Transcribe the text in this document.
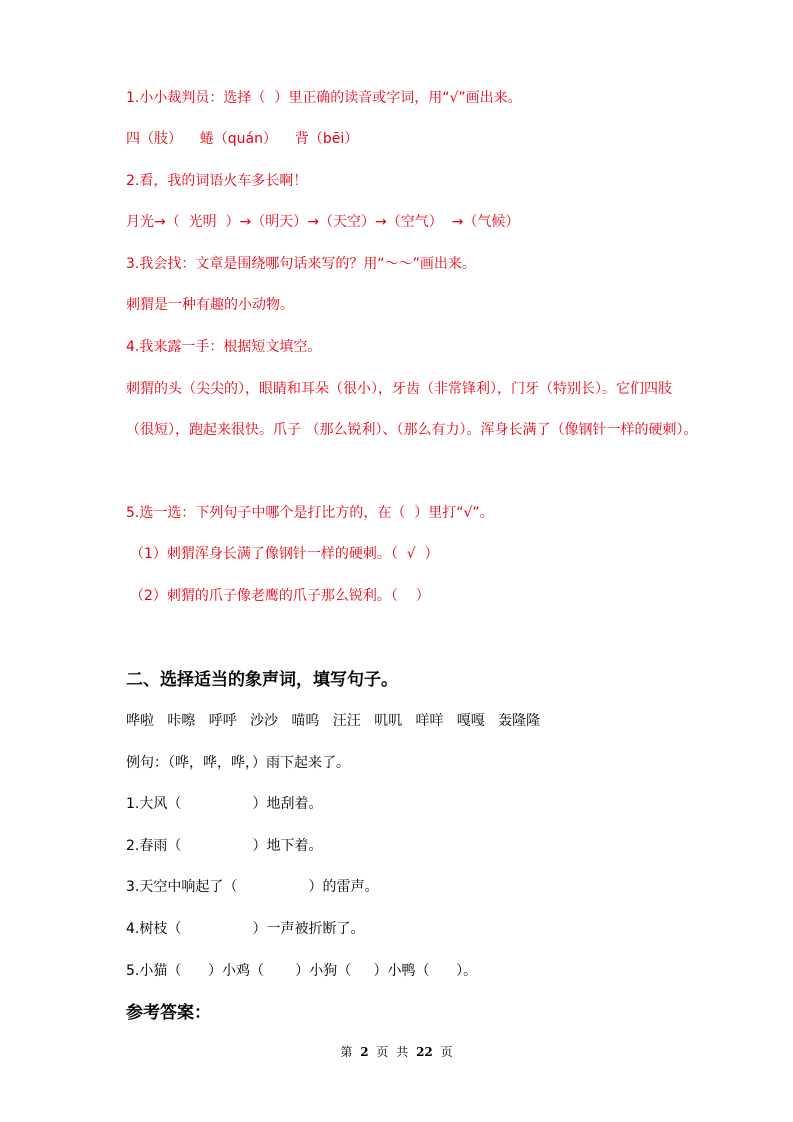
1.小小裁判员：选择（  ）里正确的读音或字词，用“√”画出来。
四（肢）    蜷（quán）    背（bēi）
2.看，我的词语火车多长啊！
月光→（  光明  ）→（明天）→（天空）→（空气）  →（气候）
3.我会找：文章是围绕哪句话来写的？用“～～”画出来。
刺猬是一种有趣的小动物。
4.我来露一手：根据短文填空。
刺猬的头（尖尖的），眼睛和耳朵（很小），牙齿（非常锋利），门牙（特别长）。它们四肢（很短），跑起来很快。爪子 （那么锐利）、（那么有力）。浑身长满了（像钢针一样的硬刺）。
5.选一选：下列句子中哪个是打比方的，在（  ）里打“√”。
（1）刺猬浑身长满了像钢针一样的硬刺。（  √  ）
（2）刺猬的爪子像老鹰的爪子那么锐利。（    ）
二、选择适当的象声词，填写句子。
哗啦   咔嚓   呼呼   沙沙   喵呜   汪汪   叽叽   咩咩   嘎嘎   轰隆隆
例句：（哗，哗，哗，）雨下起来了。
1.大风（                ）地刮着。
2.春雨（                ）地下着。
3.天空中响起了（                ）的雷声。
4.树枝（                ）一声被折断了。
5.小猫（      ）小鸡（       ）小狗（     ）小鸭（      ）。
参考答案：
第 2 页 共 22 页
